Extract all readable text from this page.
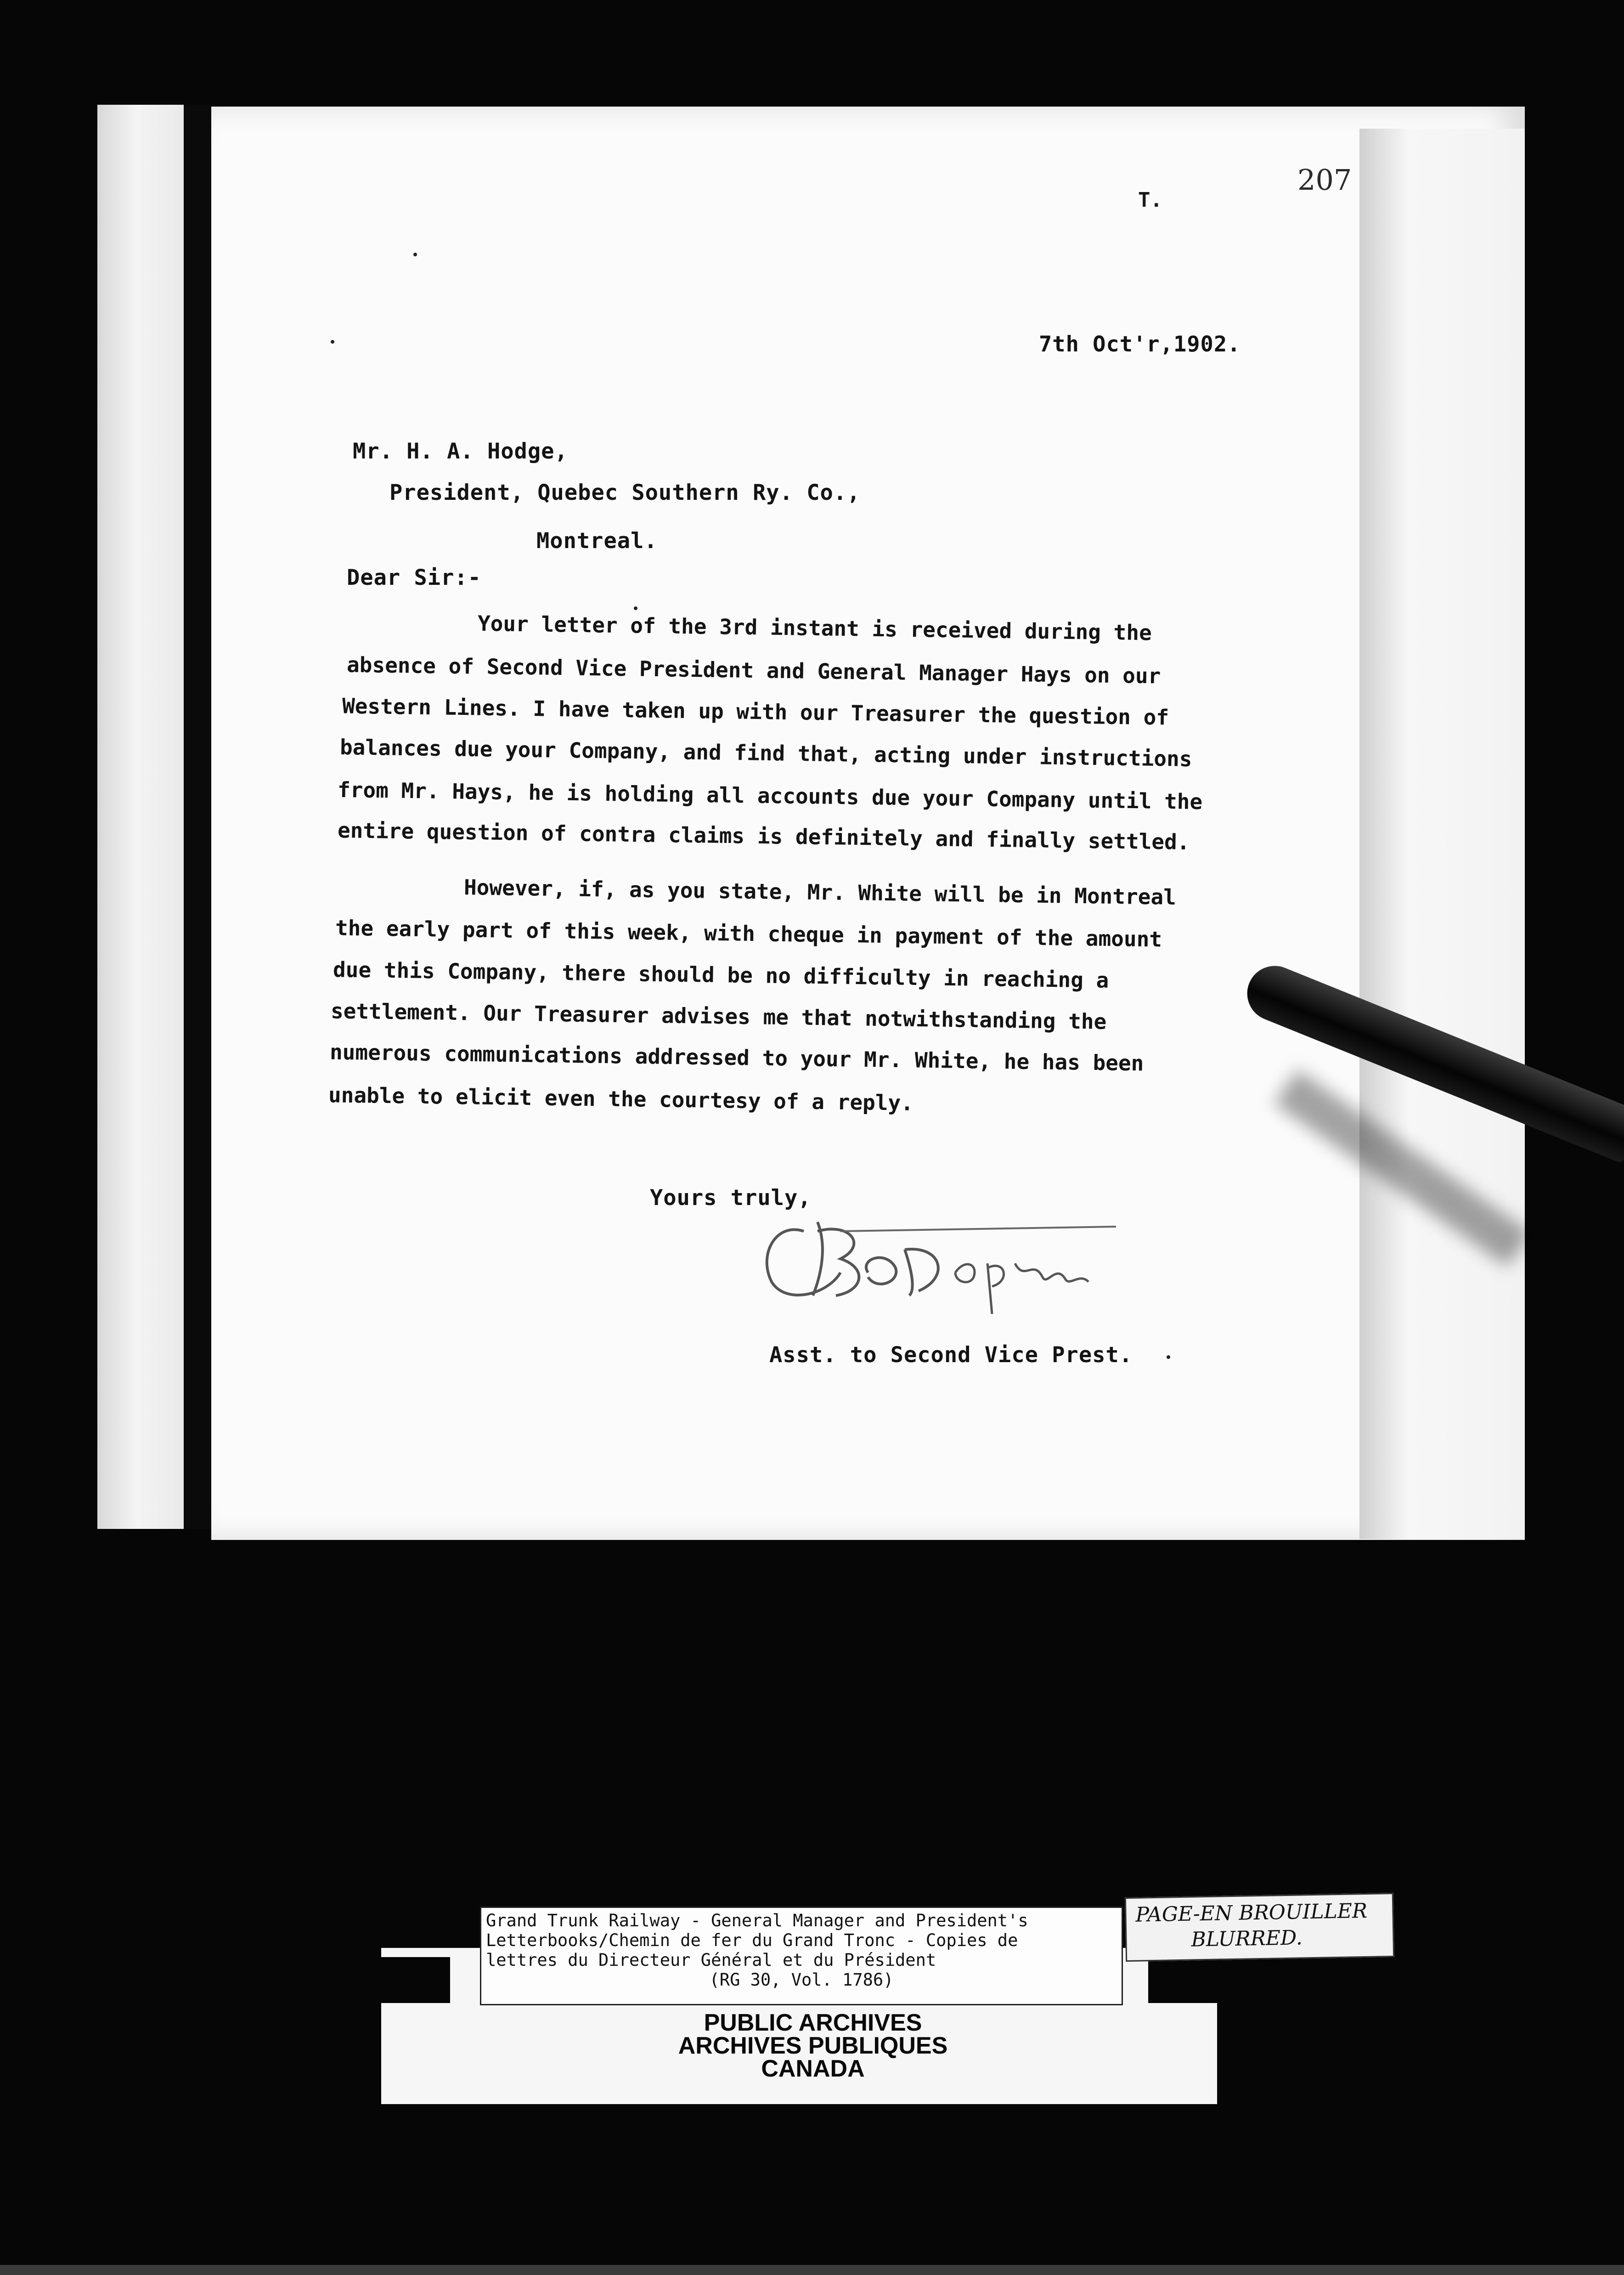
207
T.
7th Oct'r,1902.
Mr. H. A. Hodge,
President, Quebec Southern Ry. Co.,
Montreal.
Dear Sir:-
Your letter of the 3rd instant is received during the
absence of Second Vice President and General Manager Hays on our
Western Lines. I have taken up with our Treasurer the question of
balances due your Company, and find that, acting under instructions
from Mr. Hays, he is holding all accounts due your Company until the
entire question of contra claims is definitely and finally settled.
However, if, as you state, Mr. White will be in Montreal
the early part of this week, with cheque in payment of the amount
due this Company, there should be no difficulty in reaching a
settlement. Our Treasurer advises me that notwithstanding the
numerous communications addressed to your Mr. White, he has been
unable to elicit even the courtesy of a reply.
Yours truly,
Asst. to Second Vice Prest.
Grand Trunk Railway - General Manager and President's
Letterbooks/Chemin de fer du Grand Tronc - Copies de
lettres du Directeur Général et du Président
(RG 30, Vol. 1786)
PUBLIC ARCHIVES
ARCHIVES PUBLIQUES
CANADA
PAGE-EN BROUILLER
BLURRED.
